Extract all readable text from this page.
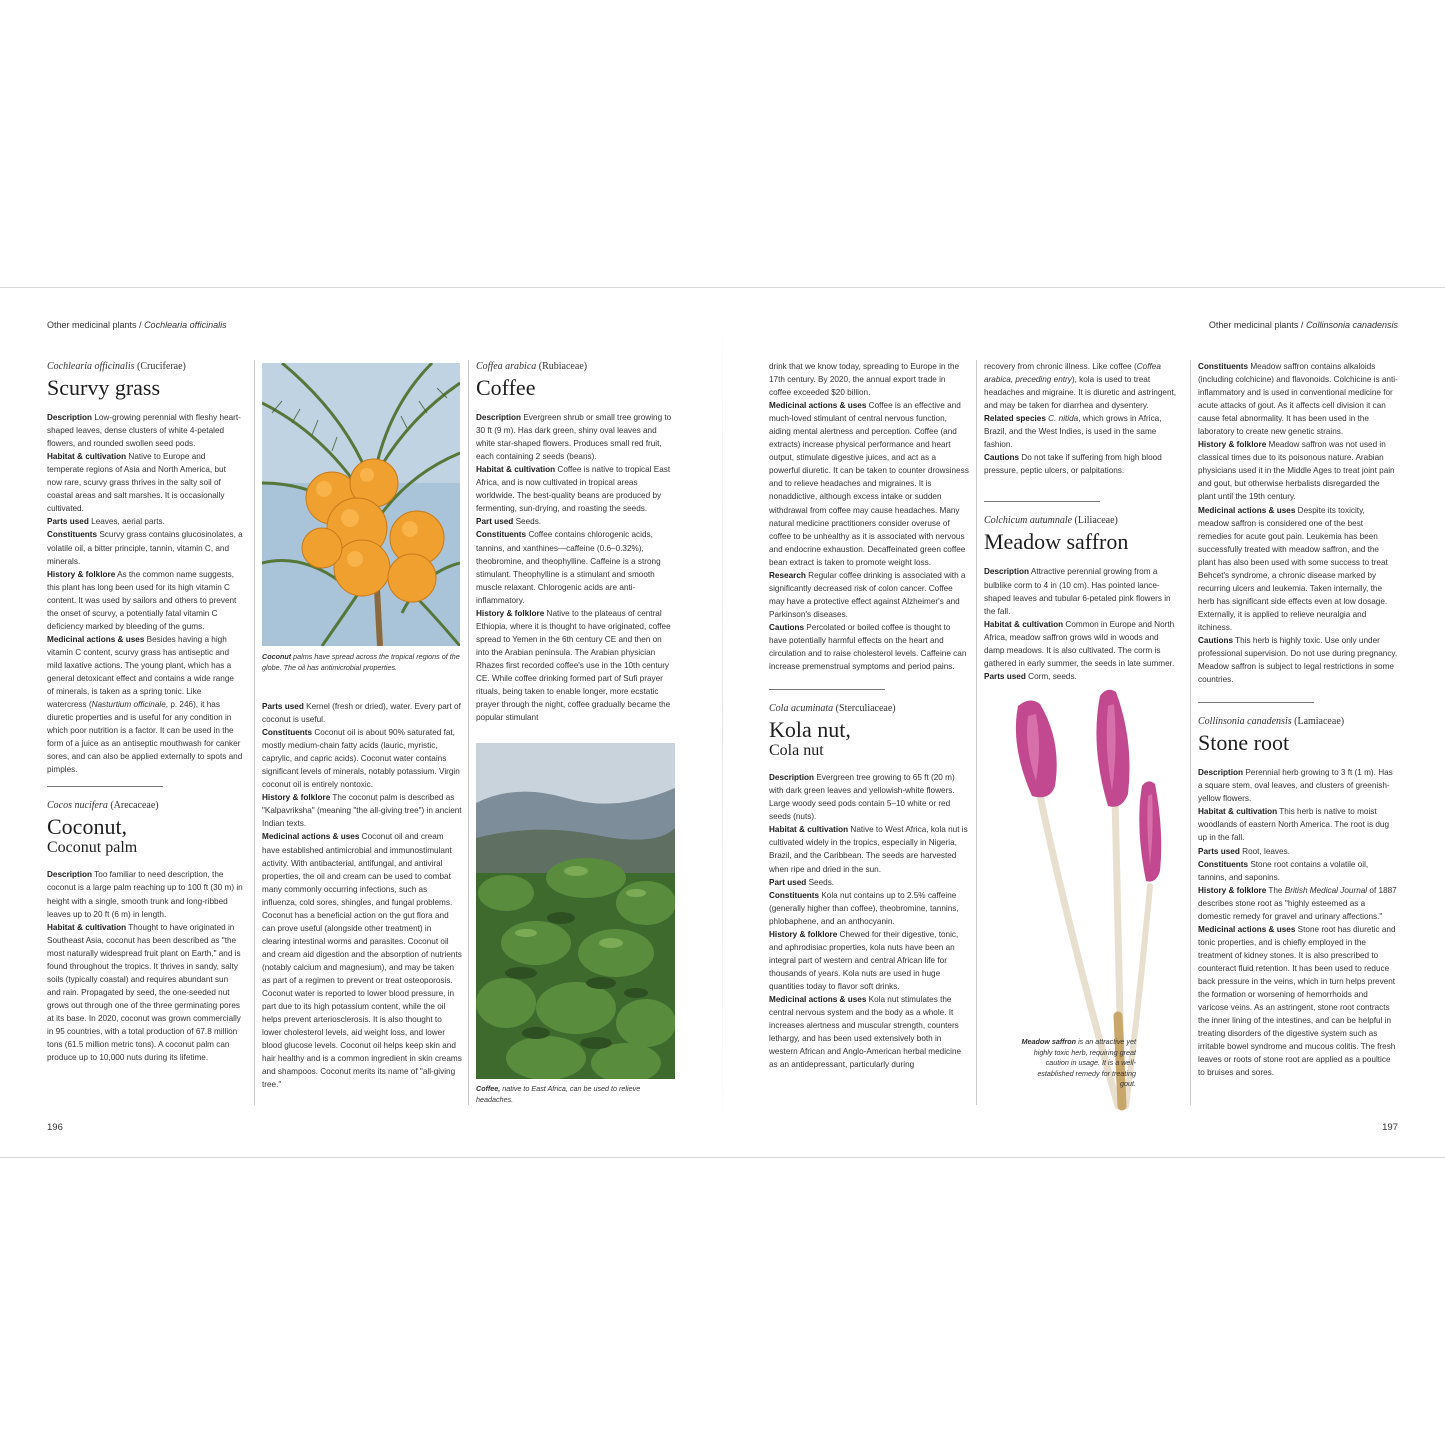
Other medicinal plants / Cochlearia officinalis
Cochlearia officinalis (Cruciferae)
Scurvy grass

Description Low-growing perennial with fleshy heart-shaped leaves, dense clusters of white 4-petaled flowers, and rounded swollen seed pods.
Habitat & cultivation Native to Europe and temperate regions of Asia and North America, but now rare, scurvy grass thrives in the salty soil of coastal areas and salt marshes. It is occasionally cultivated.
Parts used Leaves, aerial parts.
Constituents Scurvy grass contains glucosinolates, a volatile oil, a bitter principle, tannin, vitamin C, and minerals.
History & folklore As the common name suggests, this plant has long been used for its high vitamin C content. It was used by sailors and others to prevent the onset of scurvy, a potentially fatal vitamin C deficiency marked by bleeding of the gums.
Medicinal actions & uses Besides having a high vitamin C content, scurvy grass has antiseptic and mild laxative actions. The young plant, which has a general detoxicant effect and contains a wide range of minerals, is taken as a spring tonic. Like watercress (Nasturtium officinale, p. 246), it has diuretic properties and is useful for any condition in which poor nutrition is a factor. It can be used in the form of a juice as an antiseptic mouthwash for canker sores, and can also be applied externally to spots and pimples.

Cocos nucifera (Arecaceae)
Coconut,
Coconut palm

Description Too familiar to need description, the coconut is a large palm reaching up to 100 ft (30 m) in height with a single, smooth trunk and long-ribbed leaves up to 20 ft (6 m) in length.
Habitat & cultivation Thought to have originated in Southeast Asia, coconut has been described as "the most naturally widespread fruit plant on Earth," and is found throughout the tropics. It thrives in sandy, salty soils (typically coastal) and requires abundant sun and rain. Propagated by seed, the one-seeded nut grows out through one of the three germinating pores at its base. In 2020, coconut was grown commercially in 95 countries, with a total production of 67.8 million tons (61.5 million metric tons). A coconut palm can produce up to 10,000 nuts during its lifetime.

Coconut palms have spread across the tropical regions of the globe. The oil has antimicrobial properties.

Parts used Kernel (fresh or dried), water. Every part of coconut is useful.
Constituents Coconut oil is about 90% saturated fat, mostly medium-chain fatty acids (lauric, myristic, caprylic, and capric acids). Coconut water contains significant levels of minerals, notably potassium. Virgin coconut oil is entirely nontoxic.
History & folklore The coconut palm is described as "Kalpavriksha" (meaning "the all-giving tree") in ancient Indian texts.
Medicinal actions & uses Coconut oil and cream have established antimicrobial and immunostimulant activity. With antibacterial, antifungal, and antiviral properties, the oil and cream can be used to combat many commonly occurring infections, such as influenza, cold sores, shingles, and fungal problems. Coconut has a beneficial action on the gut flora and can prove useful (alongside other treatment) in clearing intestinal worms and parasites. Coconut oil and cream aid digestion and the absorption of nutrients (notably calcium and magnesium), and may be taken as part of a regimen to prevent or treat osteoporosis. Coconut water is reported to lower blood pressure, in part due to its high potassium content, while the oil helps prevent arteriosclerosis. It is also thought to lower cholesterol levels, aid weight loss, and lower blood glucose levels. Coconut oil helps keep skin and hair healthy and is a common ingredient in skin creams and shampoos. Coconut merits its name of "all-giving tree."

Coffea arabica (Rubiaceae)
Coffee

Description Evergreen shrub or small tree growing to 30 ft (9 m). Has dark green, shiny oval leaves and white star-shaped flowers. Produces small red fruit, each containing 2 seeds (beans).
Habitat & cultivation Coffee is native to tropical East Africa, and is now cultivated in tropical areas worldwide. The best-quality beans are produced by fermenting, sun-drying, and roasting the seeds.
Part used Seeds.
Constituents Coffee contains chlorogenic acids, tannins, and xanthines—caffeine (0.6–0.32%), theobromine, and theophylline. Caffeine is a strong stimulant. Theophylline is a stimulant and smooth muscle relaxant. Chlorogenic acids are anti-inflammatory.
History & folklore Native to the plateaus of central Ethiopia, where it is thought to have originated, coffee spread to Yemen in the 6th century CE and then on into the Arabian peninsula. The Arabian physician Rhazes first recorded coffee's use in the 10th century CE. While coffee drinking formed part of Sufi prayer rituals, being taken to enable longer, more ecstatic prayer through the night, coffee gradually became the popular stimulant

Coffee, native to East Africa, can be used to relieve headaches.
196
Other medicinal plants / Collinsonia canadensis

drink that we know today, spreading to Europe in the 17th century. By 2020, the annual export trade in coffee exceeded $20 billion.
Medicinal actions & uses Coffee is an effective and much-loved stimulant of central nervous function, aiding mental alertness and perception. Coffee (and extracts) increase physical performance and heart output, stimulate digestive juices, and act as a powerful diuretic. It can be taken to counter drowsiness and to relieve headaches and migraines. It is nonaddictive, although excess intake or sudden withdrawal from coffee may cause headaches. Many natural medicine practitioners consider overuse of coffee to be unhealthy as it is associated with nervous and endocrine exhaustion. Decaffeinated green coffee bean extract is taken to promote weight loss.
Research Regular coffee drinking is associated with a significantly decreased risk of colon cancer. Coffee may have a protective effect against Alzheimer's and Parkinson's diseases.
Cautions Percolated or boiled coffee is thought to have potentially harmful effects on the heart and circulation and to raise cholesterol levels. Caffeine can increase premenstrual symptoms and period pains.

Cola acuminata (Sterculiaceae)
Kola nut,
Cola nut

Description Evergreen tree growing to 65 ft (20 m) with dark green leaves and yellowish-white flowers. Large woody seed pods contain 5–10 white or red seeds (nuts).
Habitat & cultivation Native to West Africa, kola nut is cultivated widely in the tropics, especially in Nigeria, Brazil, and the Caribbean. The seeds are harvested when ripe and dried in the sun.
Part used Seeds.
Constituents Kola nut contains up to 2.5% caffeine (generally higher than coffee), theobromine, tannins, phlobaphene, and an anthocyanin.
History & folklore Chewed for their digestive, tonic, and aphrodisiac properties, kola nuts have been an integral part of western and central African life for thousands of years. Kola nuts are used in huge quantities today to flavor soft drinks.
Medicinal actions & uses Kola nut stimulates the central nervous system and the body as a whole. It increases alertness and muscular strength, counters lethargy, and has been used extensively both in western African and Anglo-American herbal medicine as an antidepressant, particularly during

recovery from chronic illness. Like coffee (Coffea arabica, preceding entry), kola is used to treat headaches and migraine. It is diuretic and astringent, and may be taken for diarrhea and dysentery.
Related species C. nitida, which grows in Africa, Brazil, and the West Indies, is used in the same fashion.
Cautions Do not take if suffering from high blood pressure, peptic ulcers, or palpitations.

Colchicum autumnale (Liliaceae)
Meadow saffron

Description Attractive perennial growing from a bulblike corm to 4 in (10 cm). Has pointed lance-shaped leaves and tubular 6-petaled pink flowers in the fall.
Habitat & cultivation Common in Europe and North Africa, meadow saffron grows wild in woods and damp meadows. It is also cultivated. The corm is gathered in early summer, the seeds in late summer.
Parts used Corm, seeds.

Meadow saffron is an attractive yet highly toxic herb, requiring great caution in usage. It is a well-established remedy for treating gout.

Constituents Meadow saffron contains alkaloids (including colchicine) and flavonoids. Colchicine is anti-inflammatory and is used in conventional medicine for acute attacks of gout. As it affects cell division it can cause fetal abnormality. It has been used in the laboratory to create new genetic strains.
History & folklore Meadow saffron was not used in classical times due to its poisonous nature. Arabian physicians used it in the Middle Ages to treat joint pain and gout, but otherwise herbalists disregarded the plant until the 19th century.
Medicinal actions & uses Despite its toxicity, meadow saffron is considered one of the best remedies for acute gout pain. Leukemia has been successfully treated with meadow saffron, and the plant has also been used with some success to treat Behcet's syndrome, a chronic disease marked by recurring ulcers and leukemia. Taken internally, the herb has significant side effects even at low dosage. Externally, it is applied to relieve neuralgia and itchiness.
Cautions This herb is highly toxic. Use only under professional supervision. Do not use during pregnancy. Meadow saffron is subject to legal restrictions in some countries.

Collinsonia canadensis (Lamiaceae)
Stone root

Description Perennial herb growing to 3 ft (1 m). Has a square stem, oval leaves, and clusters of greenish-yellow flowers.
Habitat & cultivation This herb is native to moist woodlands of eastern North America. The root is dug up in the fall.
Parts used Root, leaves.
Constituents Stone root contains a volatile oil, tannins, and saponins.
History & folklore The British Medical Journal of 1887 describes stone root as "highly esteemed as a domestic remedy for gravel and urinary affections."
Medicinal actions & uses Stone root has diuretic and tonic properties, and is chiefly employed in the treatment of kidney stones. It is also prescribed to counteract fluid retention. It has been used to reduce back pressure in the veins, which in turn helps prevent the formation or worsening of hemorrhoids and varicose veins. As an astringent, stone root contracts the inner lining of the intestines, and can be helpful in treating disorders of the digestive system such as irritable bowel syndrome and mucous colitis. The fresh leaves or roots of stone root are applied as a poultice to bruises and sores.

197
